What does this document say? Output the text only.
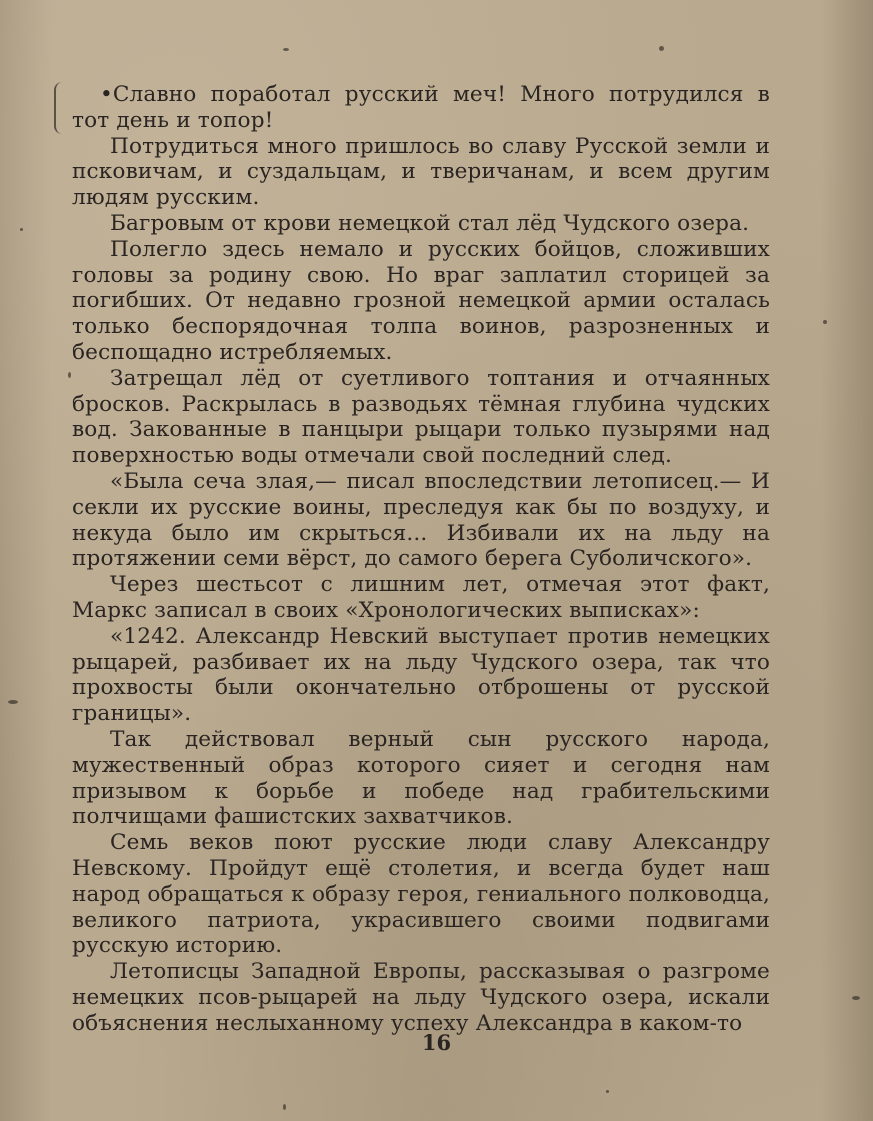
•Славно поработал русский меч! Много потрудился в тот день и топор!

Потрудиться много пришлось во славу Русской земли и псковичам, и суздальцам, и тверичанам, и всем другим людям русским.

Багровым от крови немецкой стал лёд Чудского озера.

Полегло здесь немало и русских бойцов, сложивших головы за родину свою. Но враг заплатил сторицей за погибших. От недавно грозной немецкой армии осталась только беспорядочная толпа воинов, разрозненных и беспощадно истребляемых.

Затрещал лёд от суетливого топтания и отчаянных бросков. Раскрылась в разводьях тёмная глубина чудских вод. Закованные в панцыри рыцари только пузырями над поверхностью воды отмечали свой последний след.

«Была сеча злая,— писал впоследствии летописец.— И секли их русские воины, преследуя как бы по воздуху, и некуда было им скрыться... Избивали их на льду на протяжении семи вёрст, до самого берега Суболичского».

Через шестьсот с лишним лет, отмечая этот факт, Маркс записал в своих «Хронологических выписках»:

«1242. Александр Невский выступает против немецких рыцарей, разбивает их на льду Чудского озера, так что прохвосты были окончательно отброшены от русской границы».

Так действовал верный сын русского народа, мужественный образ которого сияет и сегодня нам призывом к борьбе и победе над грабительскими полчищами фашистских захватчиков.

Семь веков поют русские люди славу Александру Невскому. Пройдут ещё столетия, и всегда будет наш народ обращаться к образу героя, гениального полководца, великого патриота, украсившего своими подвигами русскую историю.

Летописцы Западной Европы, рассказывая о разгроме немецких псов-рыцарей на льду Чудского озера, искали объяснения неслыханному успеху Александра в каком-то

16
